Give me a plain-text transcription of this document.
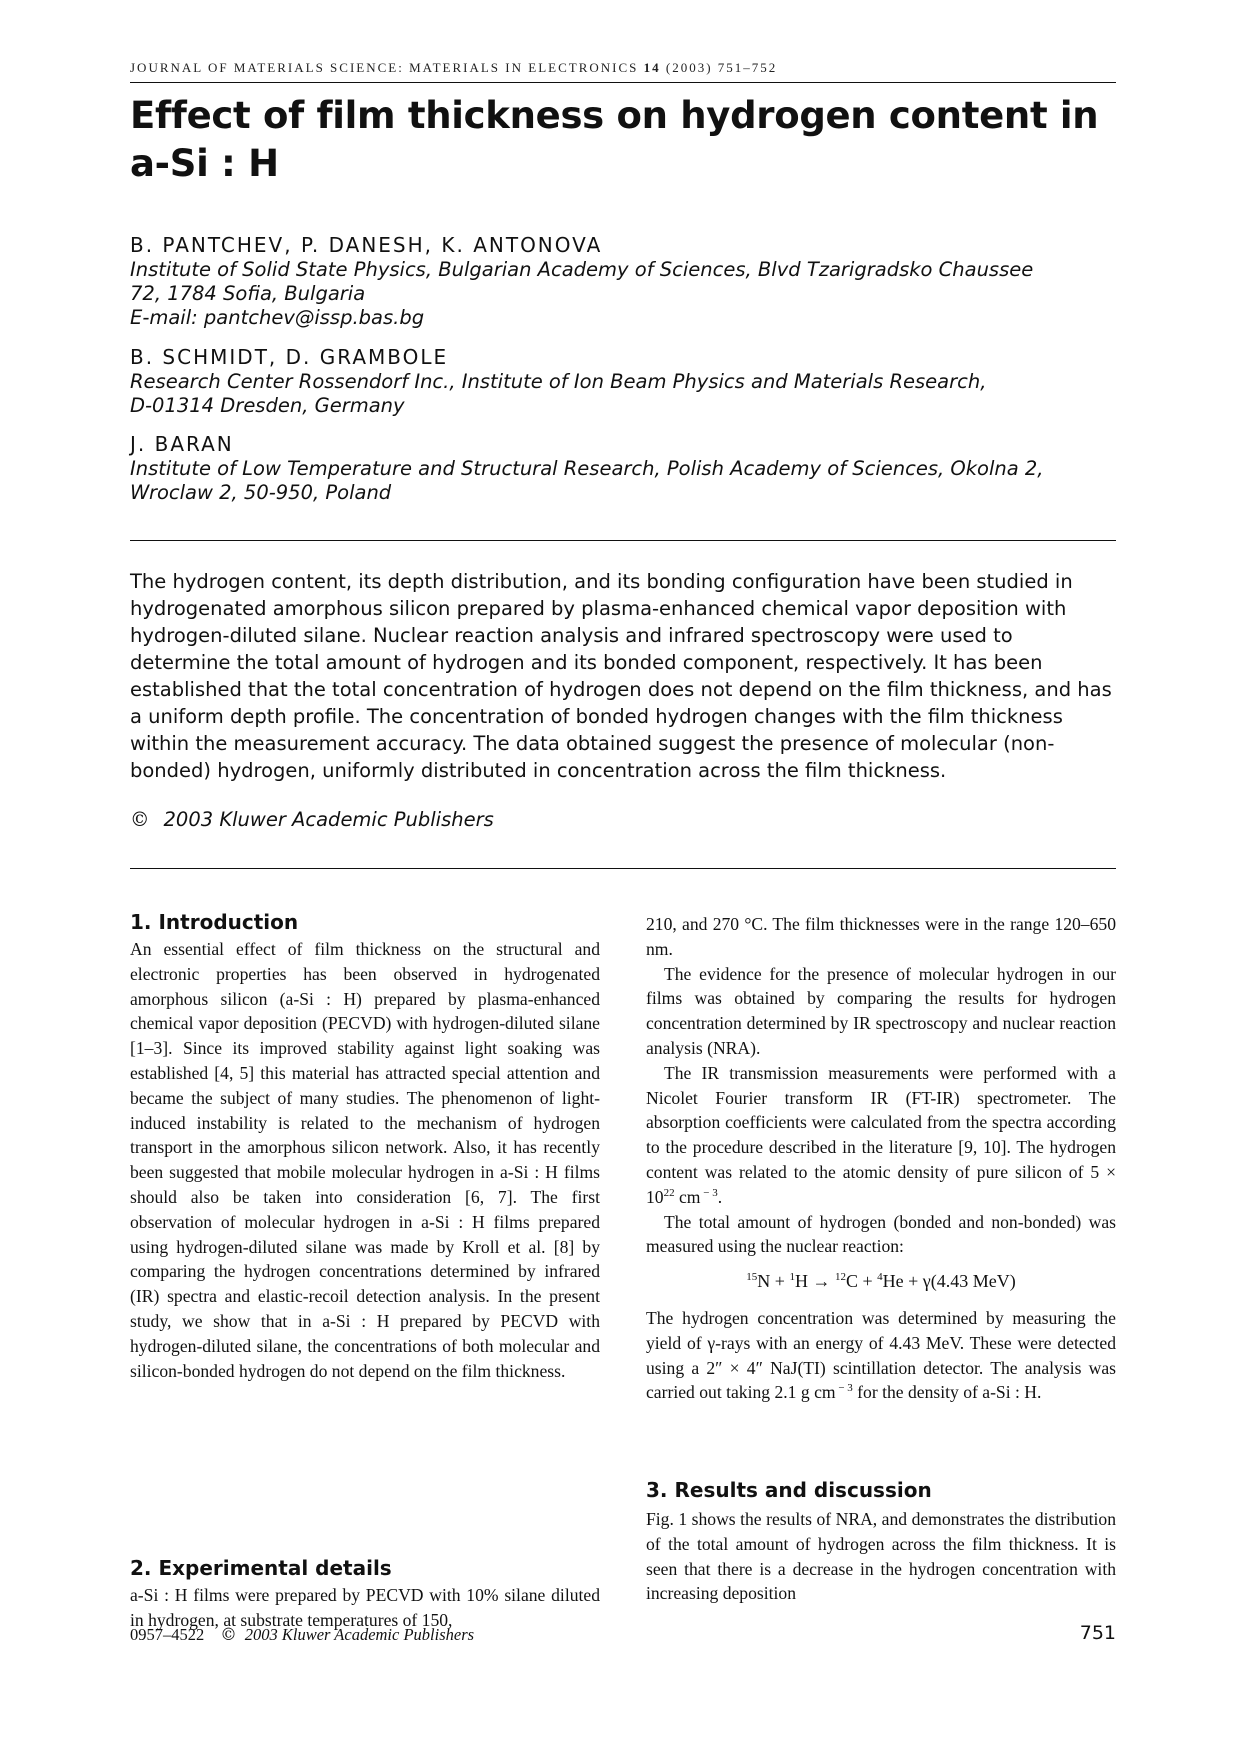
JOURNAL OF MATERIALS SCIENCE: MATERIALS IN ELECTRONICS 14 (2003) 751–752
Effect of film thickness on hydrogen content in a-Si : H
B. PANTCHEV, P. DANESH, K. ANTONOVA
Institute of Solid State Physics, Bulgarian Academy of Sciences, Blvd Tzarigradsko Chaussee
72, 1784 Sofia, Bulgaria
E-mail: pantchev@issp.bas.bg
B. SCHMIDT, D. GRAMBOLE
Research Center Rossendorf Inc., Institute of Ion Beam Physics and Materials Research,
D-01314 Dresden, Germany
J. BARAN
Institute of Low Temperature and Structural Research, Polish Academy of Sciences, Okolna 2,
Wroclaw 2, 50-950, Poland

The hydrogen content, its depth distribution, and its bonding configuration have been studied in hydrogenated amorphous silicon prepared by plasma-enhanced chemical vapor deposition with hydrogen-diluted silane. Nuclear reaction analysis and infrared spectroscopy were used to determine the total amount of hydrogen and its bonded component, respectively. It has been established that the total concentration of hydrogen does not depend on the film thickness, and has a uniform depth profile. The concentration of bonded hydrogen changes with the film thickness within the measurement accuracy. The data obtained suggest the presence of molecular (non-bonded) hydrogen, uniformly distributed in concentration across the film thickness.

© 2003 Kluwer Academic Publishers
1. Introduction

An essential effect of film thickness on the structural and electronic properties has been observed in hydrogenated amorphous silicon (a-Si : H) prepared by plasma-enhanced chemical vapor deposition (PECVD) with hydrogen-diluted silane [1–3]. Since its improved stability against light soaking was established [4, 5] this material has attracted special attention and became the subject of many studies. The phenomenon of light-induced instability is related to the mechanism of hydrogen transport in the amorphous silicon network. Also, it has recently been suggested that mobile molecular hydrogen in a-Si : H films should also be taken into consideration [6, 7]. The first observation of molecular hydrogen in a-Si : H films prepared using hydrogen-diluted silane was made by Kroll et al. [8] by comparing the hydrogen concentrations determined by infrared (IR) spectra and elastic-recoil detection analysis. In the present study, we show that in a-Si : H prepared by PECVD with hydrogen-diluted silane, the concentrations of both molecular and silicon-bonded hydrogen do not depend on the film thickness.

2. Experimental details

a-Si : H films were prepared by PECVD with 10% silane diluted in hydrogen, at substrate temperatures of 150,

210, and 270 °C. The film thicknesses were in the range 120–650 nm.

The evidence for the presence of molecular hydrogen in our films was obtained by comparing the results for hydrogen concentration determined by IR spectroscopy and nuclear reaction analysis (NRA).

The IR transmission measurements were performed with a Nicolet Fourier transform IR (FT-IR) spectrometer. The absorption coefficients were calculated from the spectra according to the procedure described in the literature [9, 10]. The hydrogen content was related to the atomic density of pure silicon of $5 \times 10^{22}$ cm $^{- 3}$.

The total amount of hydrogen (bonded and non-bonded) was measured using the nuclear reaction:

$^{15}$N + $^1$H → $^{12}$C + $^4$He + γ(4.43 MeV)

The hydrogen concentration was determined by measuring the yield of γ-rays with an energy of 4.43 MeV. These were detected using a 2″ × 4″ NaJ(TI) scintillation detector. The analysis was carried out taking 2.1 g cm $^{- 3}$ for the density of a-Si : H.

3. Results and discussion

Fig. 1 shows the results of NRA, and demonstrates the distribution of the total amount of hydrogen across the film thickness. It is seen that there is a decrease in the hydrogen concentration with increasing deposition

0957–4522 © 2003 Kluwer Academic Publishers	751
